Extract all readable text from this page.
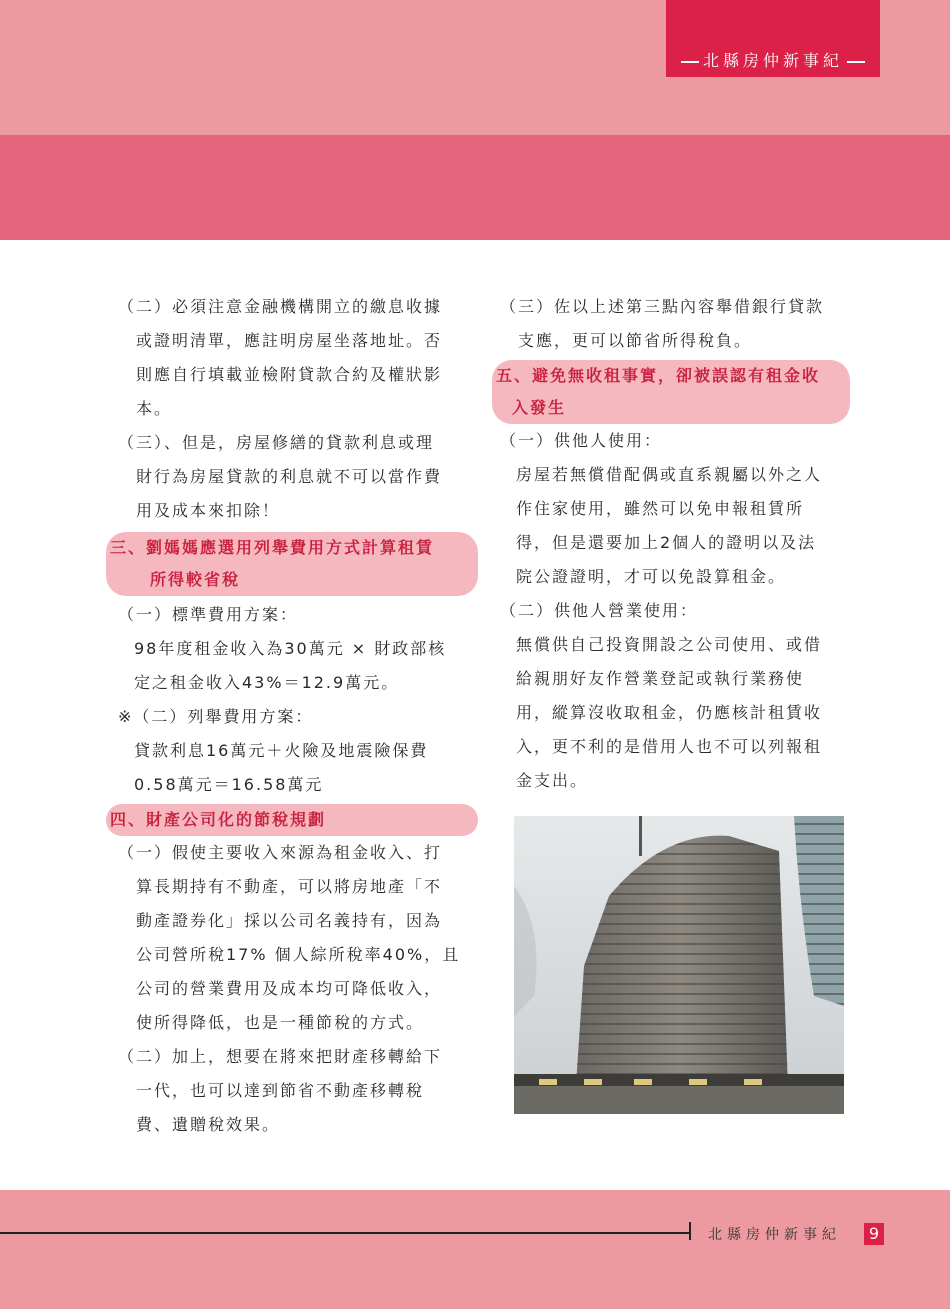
北縣房仲新事紀
（二）必須注意金融機構開立的繳息收據
或證明清單，應註明房屋坐落地址。否
則應自行填載並檢附貸款合約及權狀影
本。
（三）、但是，房屋修繕的貸款利息或理
財行為房屋貸款的利息就不可以當作費
用及成本來扣除！
三、劉媽媽應選用列舉費用方式計算租賃
所得較省稅
（一）標準費用方案：
98年度租金收入為30萬元 × 財政部核
定之租金收入43%＝12.9萬元。
※（二）列舉費用方案：
貸款利息16萬元＋火險及地震險保費
0.58萬元＝16.58萬元
四、財產公司化的節稅規劃
（一）假使主要收入來源為租金收入、打
算長期持有不動產，可以將房地產「不
動產證券化」採以公司名義持有，因為
公司營所稅17% 個人綜所稅率40%，且
公司的營業費用及成本均可降低收入，
使所得降低，也是一種節稅的方式。
（二）加上，想要在將來把財產移轉給下
一代，也可以達到節省不動產移轉稅
費、遺贈稅效果。
（三）佐以上述第三點內容舉借銀行貸款
支應，更可以節省所得稅負。
五、避免無收租事實，卻被誤認有租金收
入發生
（一）供他人使用：
房屋若無償借配偶或直系親屬以外之人
作住家使用，雖然可以免申報租賃所
得，但是還要加上2個人的證明以及法
院公證證明，才可以免設算租金。
（二）供他人營業使用：
無償供自己投資開設之公司使用、或借
給親朋好友作營業登記或執行業務使
用，縱算沒收取租金，仍應核計租賃收
入，更不利的是借用人也不可以列報租
金支出。
北縣房仲新事紀	9
